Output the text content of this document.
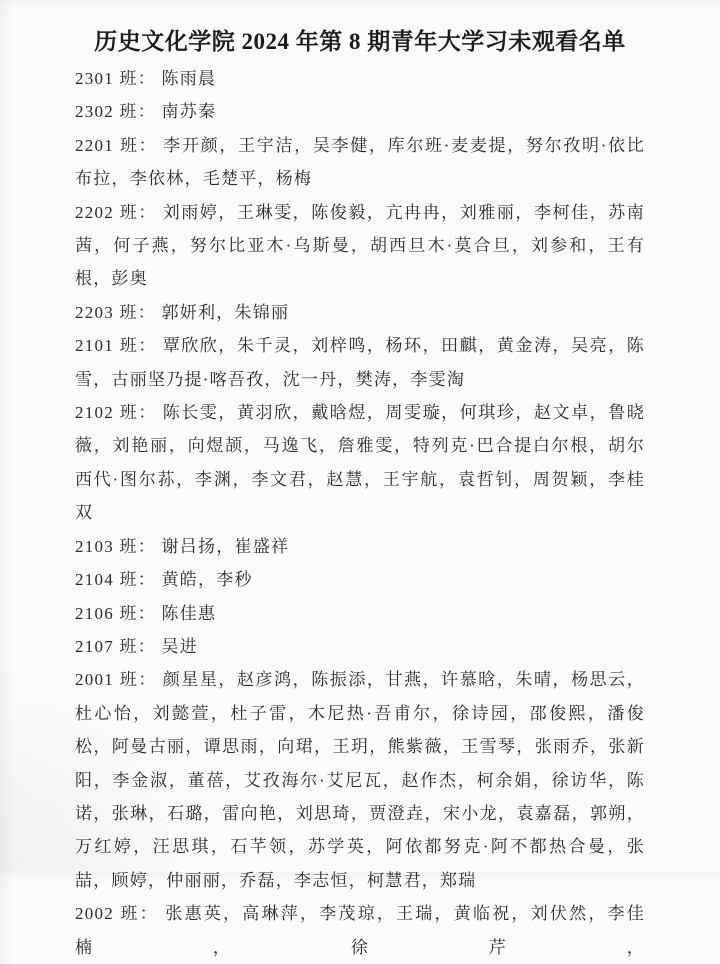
历史文化学院 2024 年第 8 期青年大学习未观看名单

2301 班： 陈雨晨

2302 班： 南苏秦

2201 班： 李开颜，王宇洁，吴李健，库尔班·麦麦提，努尔孜明·依比布拉，李依林，毛楚平，杨梅

2202 班： 刘雨婷，王琳雯，陈俊毅，亢冉冉，刘雅丽，李柯佳，苏南茜，何子燕，努尔比亚木·乌斯曼，胡西旦木·莫合旦，刘参和，王有根，彭奥

2203 班： 郭妍利，朱锦丽

2101 班： 覃欣欣，朱千灵，刘梓鸣，杨环，田麒，黄金涛，吴亮，陈雪，古丽坚乃提·喀吾孜，沈一丹，樊涛，李雯淘

2102 班： 陈长雯，黄羽欣，戴晗煜，周雯璇，何琪珍，赵文卓，鲁晓薇，刘艳丽，向煜颉，马逸飞，詹雅雯，特列克·巴合提白尔根，胡尔西代·图尔荪，李渊，李文君，赵慧，王宇航，袁哲钊，周贺颖，李桂双

2103 班： 谢吕扬，崔盛祥

2104 班： 黄皓，李秒

2106 班： 陈佳惠

2107 班： 吴进

2001 班： 颜星星，赵彦鸿，陈振添，甘燕，许慕晗，朱晴，杨思云，杜心怡，刘懿萱，杜子雷，木尼热·吾甫尔，徐诗园，邵俊熙，潘俊松，阿曼古丽，谭思雨，向珺，王玥，熊紫薇，王雪琴，张雨乔，张新阳，李金淑，董蓓，艾孜海尔·艾尼瓦，赵作杰，柯余娟，徐访华，陈诺，张琳，石璐，雷向艳，刘思琦，贾澄垚，宋小龙，袁嘉磊，郭朔，万红婷，汪思琪，石芊领，苏学英，阿依都努克·阿不都热合曼，张喆，顾婷，仲丽丽，乔磊，李志恒，柯慧君，郑瑞

2002 班： 张惠英，高琳萍，李茂琼，王瑞，黄临祝，刘伏然，李佳楠，徐芹，
